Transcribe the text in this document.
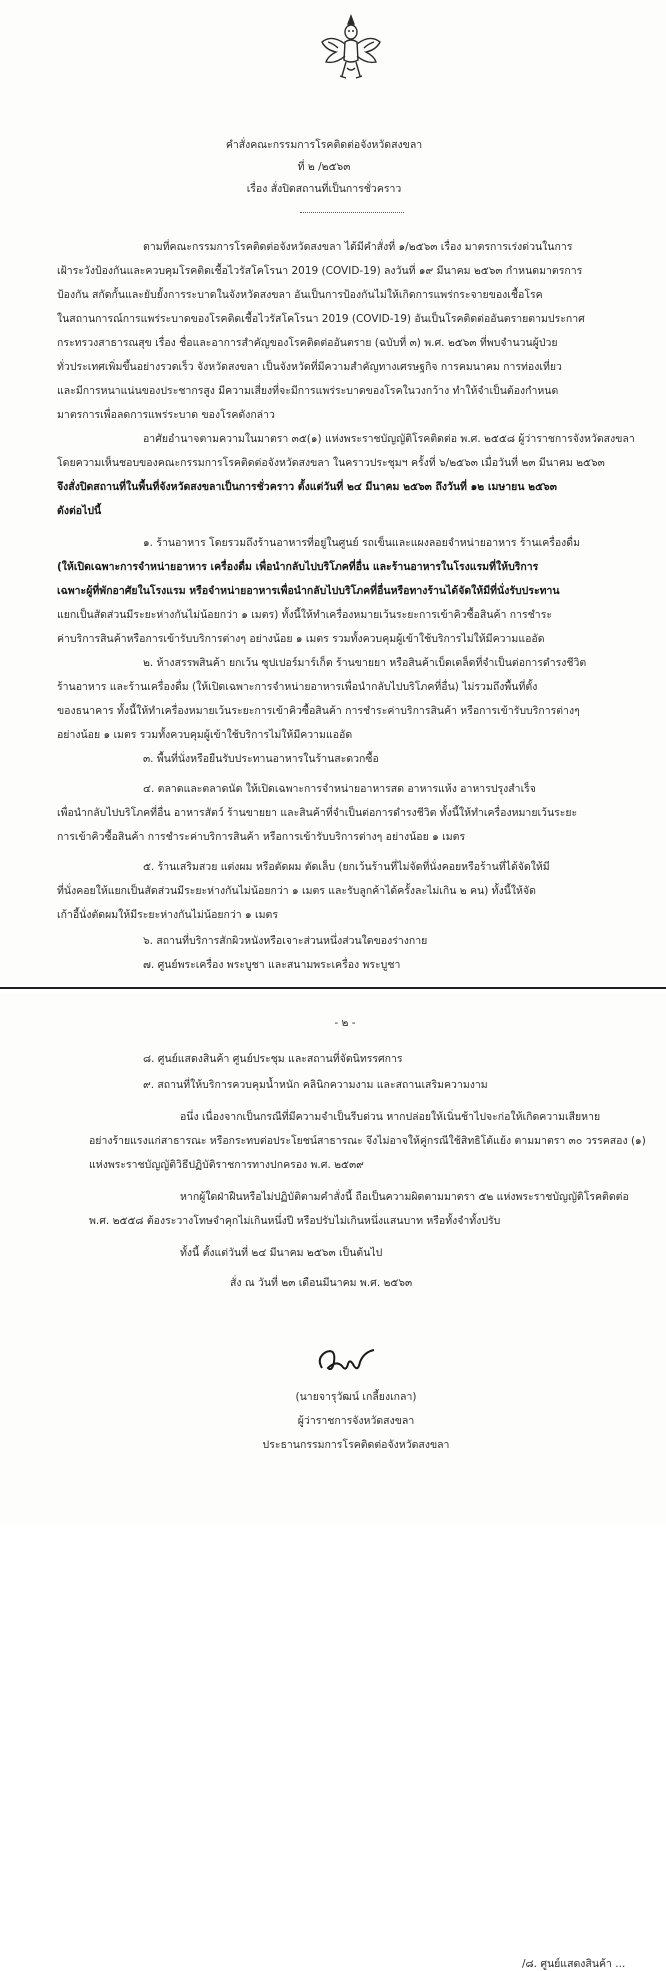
คำสั่งคณะกรรมการโรคติดต่อจังหวัดสงขลา
ที่ ๒ /๒๕๖๓
เรื่อง สั่งปิดสถานที่เป็นการชั่วคราว
ตามที่คณะกรรมการโรคติดต่อจังหวัดสงขลา ได้มีคำสั่งที่ ๑/๒๕๖๓ เรื่อง มาตรการเร่งด่วนในการ
เฝ้าระวังป้องกันและควบคุมโรคติดเชื้อไวรัสโคโรนา 2019 (COVID-19) ลงวันที่ ๑๙ มีนาคม ๒๕๖๓ กำหนดมาตรการ
ป้องกัน สกัดกั้นและยับยั้งการระบาดในจังหวัดสงขลา อันเป็นการป้องกันไม่ให้เกิดการแพร่กระจายของเชื้อโรค
ในสถานการณ์การแพร่ระบาดของโรคติดเชื้อไวรัสโคโรนา 2019 (COVID-19) อันเป็นโรคติดต่ออันตรายตามประกาศ
กระทรวงสาธารณสุข เรื่อง ชื่อและอาการสำคัญของโรคติดต่ออันตราย (ฉบับที่ ๓) พ.ศ. ๒๕๖๓ ที่พบจำนวนผู้ป่วย
ทั่วประเทศเพิ่มขึ้นอย่างรวดเร็ว จังหวัดสงขลา เป็นจังหวัดที่มีความสำคัญทางเศรษฐกิจ การคมนาคม การท่องเที่ยว
และมีการหนาแน่นของประชากรสูง มีความเสี่ยงที่จะมีการแพร่ระบาดของโรคในวงกว้าง ทำให้จำเป็นต้องกำหนด
มาตรการเพื่อลดการแพร่ระบาด ของโรคดังกล่าว
อาศัยอำนาจตามความในมาตรา ๓๕(๑) แห่งพระราชบัญญัติโรคติดต่อ พ.ศ. ๒๕๕๘ ผู้ว่าราชการจังหวัดสงขลา
โดยความเห็นชอบของคณะกรรมการโรคติดต่อจังหวัดสงขลา ในคราวประชุมฯ ครั้งที่ ๖/๒๕๖๓ เมื่อวันที่ ๒๓ มีนาคม ๒๕๖๓
จึงสั่งปิดสถานที่ในพื้นที่จังหวัดสงขลาเป็นการชั่วคราว ตั้งแต่วันที่ ๒๔ มีนาคม ๒๕๖๓ ถึงวันที่ ๑๒ เมษายน ๒๕๖๓
ดังต่อไปนี้
๑. ร้านอาหาร โดยรวมถึงร้านอาหารที่อยู่ในศูนย์ รถเข็นและแผงลอยจำหน่ายอาหาร ร้านเครื่องดื่ม
(ให้เปิดเฉพาะการจำหน่ายอาหาร เครื่องดื่ม เพื่อนำกลับไปบริโภคที่อื่น และร้านอาหารในโรงแรมที่ให้บริการ
เฉพาะผู้ที่พักอาศัยในโรงแรม หรือจำหน่ายอาหารเพื่อนำกลับไปบริโภคที่อื่นหรือทางร้านได้จัดให้มีที่นั่งรับประทาน
แยกเป็นสัดส่วนมีระยะห่างกันไม่น้อยกว่า ๑ เมตร) ทั้งนี้ให้ทำเครื่องหมายเว้นระยะการเข้าคิวซื้อสินค้า การชำระ
ค่าบริการสินค้าหรือการเข้ารับบริการต่างๆ อย่างน้อย ๑ เมตร รวมทั้งควบคุมผู้เข้าใช้บริการไม่ให้มีความแออัด
๒. ห้างสรรพสินค้า ยกเว้น ซุปเปอร์มาร์เก็ต ร้านขายยา หรือสินค้าเบ็ดเตล็ดที่จำเป็นต่อการดำรงชีวิต
ร้านอาหาร และร้านเครื่องดื่ม (ให้เปิดเฉพาะการจำหน่ายอาหารเพื่อนำกลับไปบริโภคที่อื่น) ไม่รวมถึงพื้นที่ตั้ง
ของธนาคาร ทั้งนี้ให้ทำเครื่องหมายเว้นระยะการเข้าคิวซื้อสินค้า การชำระค่าบริการสินค้า หรือการเข้ารับบริการต่างๆ
อย่างน้อย ๑ เมตร รวมทั้งควบคุมผู้เข้าใช้บริการไม่ให้มีความแออัด
๓. พื้นที่นั่งหรือยืนรับประทานอาหารในร้านสะดวกซื้อ
๔. ตลาดและตลาดนัด ให้เปิดเฉพาะการจำหน่ายอาหารสด อาหารแห้ง อาหารปรุงสำเร็จ
เพื่อนำกลับไปบริโภคที่อื่น อาหารสัตว์ ร้านขายยา และสินค้าที่จำเป็นต่อการดำรงชีวิต ทั้งนี้ให้ทำเครื่องหมายเว้นระยะ
การเข้าคิวซื้อสินค้า การชำระค่าบริการสินค้า หรือการเข้ารับบริการต่างๆ อย่างน้อย ๑ เมตร
๕. ร้านเสริมสวย แต่งผม หรือตัดผม ตัดเล็บ (ยกเว้นร้านที่ไม่จัดที่นั่งคอยหรือร้านที่ได้จัดให้มี
ที่นั่งคอยให้แยกเป็นสัดส่วนมีระยะห่างกันไม่น้อยกว่า ๑ เมตร และรับลูกค้าได้ครั้งละไม่เกิน ๒ คน) ทั้งนี้ให้จัด
เก้าอี้นั่งตัดผมให้มีระยะห่างกันไม่น้อยกว่า ๑ เมตร
๖. สถานที่บริการสักผิวหนังหรือเจาะส่วนหนึ่งส่วนใดของร่างกาย
๗. ศูนย์พระเครื่อง พระบูชา และสนามพระเครื่อง พระบูชา
/๘. ศูนย์แสดงสินค้า ...
- ๒ -
๘. ศูนย์แสดงสินค้า ศูนย์ประชุม และสถานที่จัดนิทรรศการ
๙. สถานที่ให้บริการควบคุมน้ำหนัก คลินิกความงาม และสถานเสริมความงาม
อนึ่ง เนื่องจากเป็นกรณีที่มีความจำเป็นรีบด่วน หากปล่อยให้เนิ่นช้าไปจะก่อให้เกิดความเสียหาย
อย่างร้ายแรงแก่สาธารณะ หรือกระทบต่อประโยชน์สาธารณะ จึงไม่อาจให้คู่กรณีใช้สิทธิโต้แย้ง ตามมาตรา ๓๐ วรรคสอง (๑)
แห่งพระราชบัญญัติวิธีปฏิบัติราชการทางปกครอง พ.ศ. ๒๕๓๙
หากผู้ใดฝ่าฝืนหรือไม่ปฏิบัติตามคำสั่งนี้ ถือเป็นความผิดตามมาตรา ๕๒ แห่งพระราชบัญญัติโรคติดต่อ
พ.ศ. ๒๕๕๘ ต้องระวางโทษจำคุกไม่เกินหนึ่งปี หรือปรับไม่เกินหนึ่งแสนบาท หรือทั้งจำทั้งปรับ
ทั้งนี้ ตั้งแต่วันที่ ๒๔ มีนาคม ๒๕๖๓ เป็นต้นไป
สั่ง ณ วันที่ ๒๓ เดือนมีนาคม พ.ศ. ๒๕๖๓
(นายจารุวัฒน์ เกลี้ยงเกลา)
ผู้ว่าราชการจังหวัดสงขลา
ประธานกรรมการโรคติดต่อจังหวัดสงขลา
